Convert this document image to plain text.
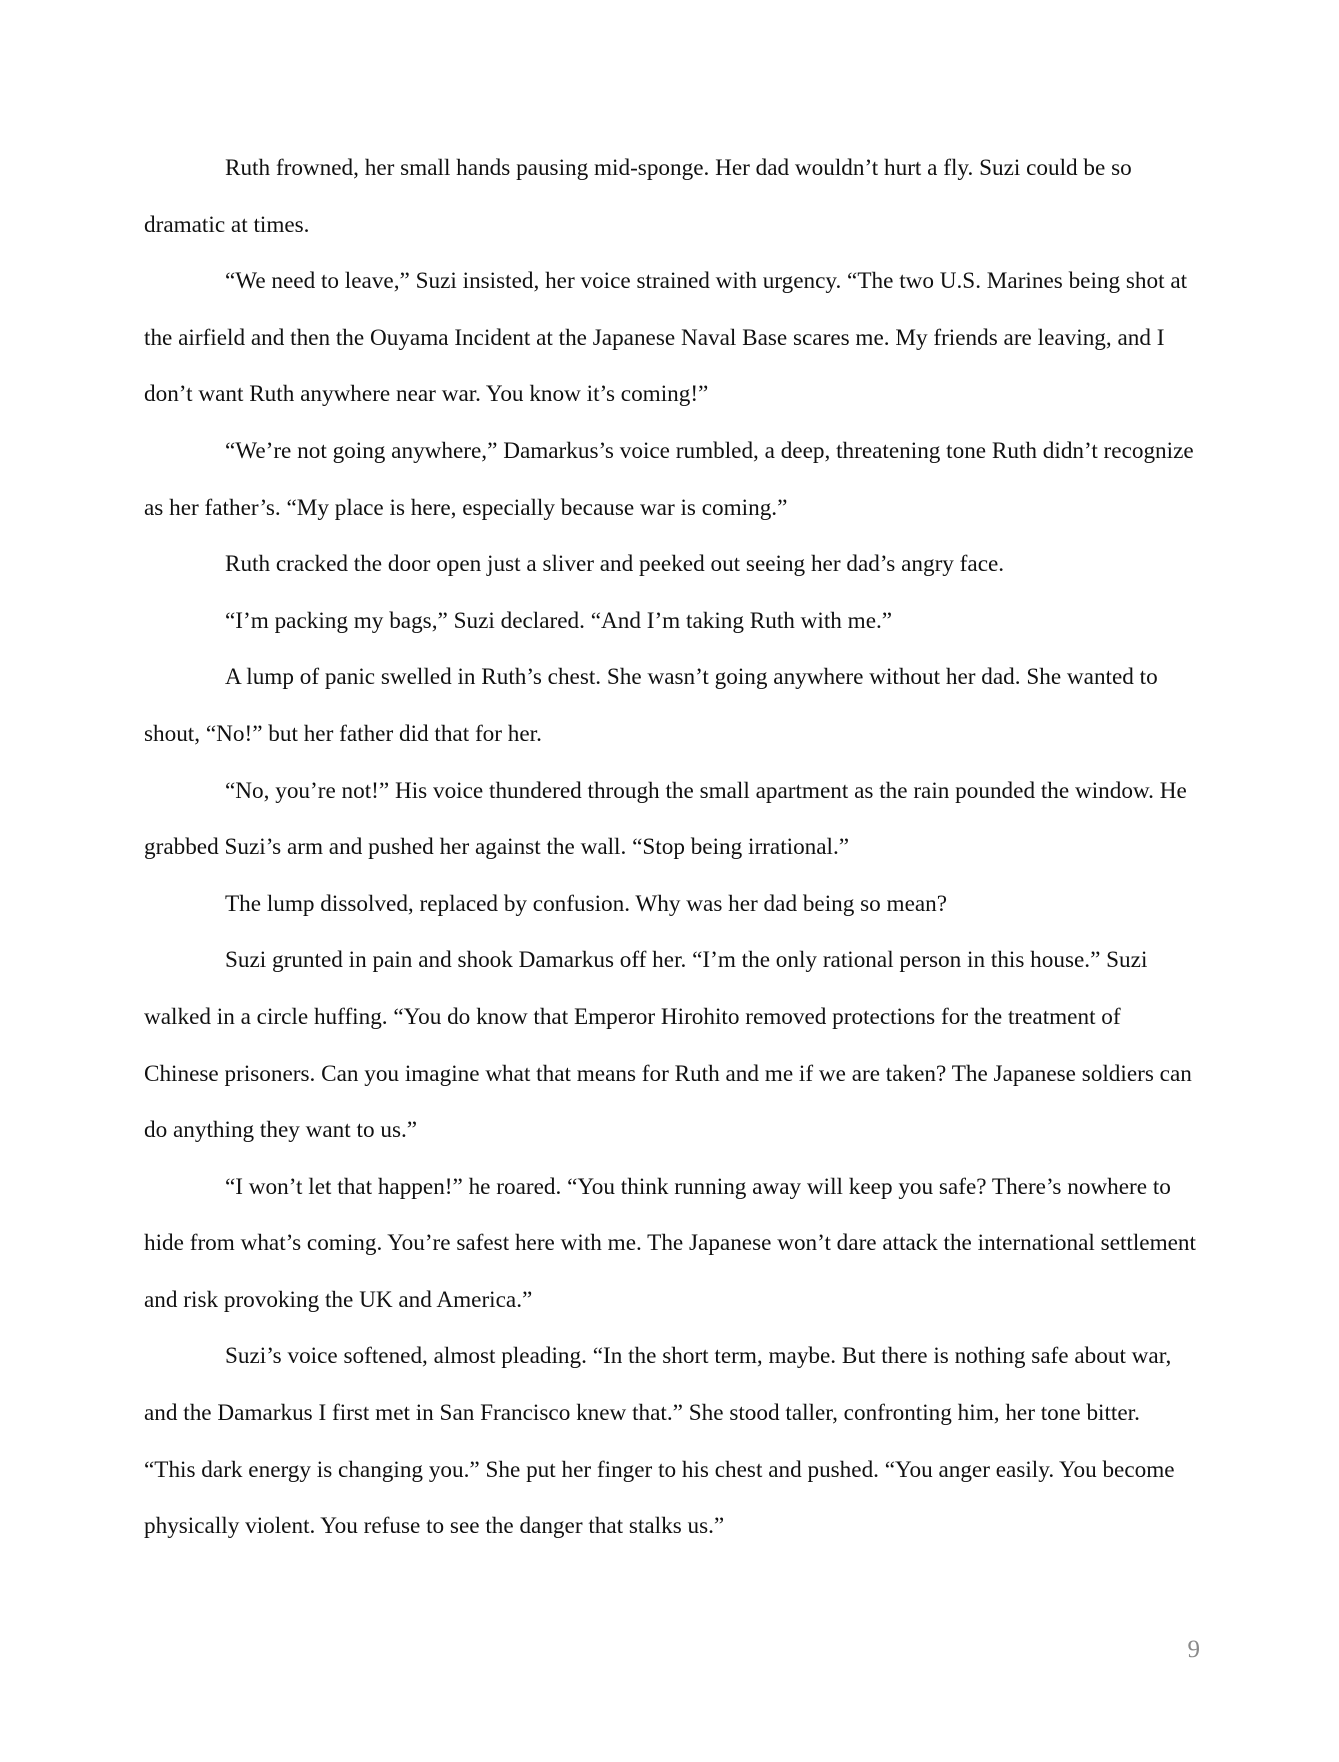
Ruth frowned, her small hands pausing mid-sponge. Her dad wouldn’t hurt a fly. Suzi could be so dramatic at times.

“We need to leave,” Suzi insisted, her voice strained with urgency. “The two U.S. Marines being shot at the airfield and then the Ouyama Incident at the Japanese Naval Base scares me. My friends are leaving, and I don’t want Ruth anywhere near war. You know it’s coming!”

“We’re not going anywhere,” Damarkus’s voice rumbled, a deep, threatening tone Ruth didn’t recognize as her father’s. “My place is here, especially because war is coming.”

Ruth cracked the door open just a sliver and peeked out seeing her dad’s angry face.

“I’m packing my bags,” Suzi declared. “And I’m taking Ruth with me.”

A lump of panic swelled in Ruth’s chest. She wasn’t going anywhere without her dad. She wanted to shout, “No!” but her father did that for her.

“No, you’re not!” His voice thundered through the small apartment as the rain pounded the window. He grabbed Suzi’s arm and pushed her against the wall. “Stop being irrational.”

The lump dissolved, replaced by confusion. Why was her dad being so mean?

Suzi grunted in pain and shook Damarkus off her. “I’m the only rational person in this house.” Suzi walked in a circle huffing. “You do know that Emperor Hirohito removed protections for the treatment of Chinese prisoners. Can you imagine what that means for Ruth and me if we are taken? The Japanese soldiers can do anything they want to us.”

“I won’t let that happen!” he roared. “You think running away will keep you safe? There’s nowhere to hide from what’s coming. You’re safest here with me. The Japanese won’t dare attack the international settlement and risk provoking the UK and America.”

Suzi’s voice softened, almost pleading. “In the short term, maybe. But there is nothing safe about war, and the Damarkus I first met in San Francisco knew that.” She stood taller, confronting him, her tone bitter. “This dark energy is changing you.” She put her finger to his chest and pushed. “You anger easily. You become physically violent. You refuse to see the danger that stalks us.”

9
